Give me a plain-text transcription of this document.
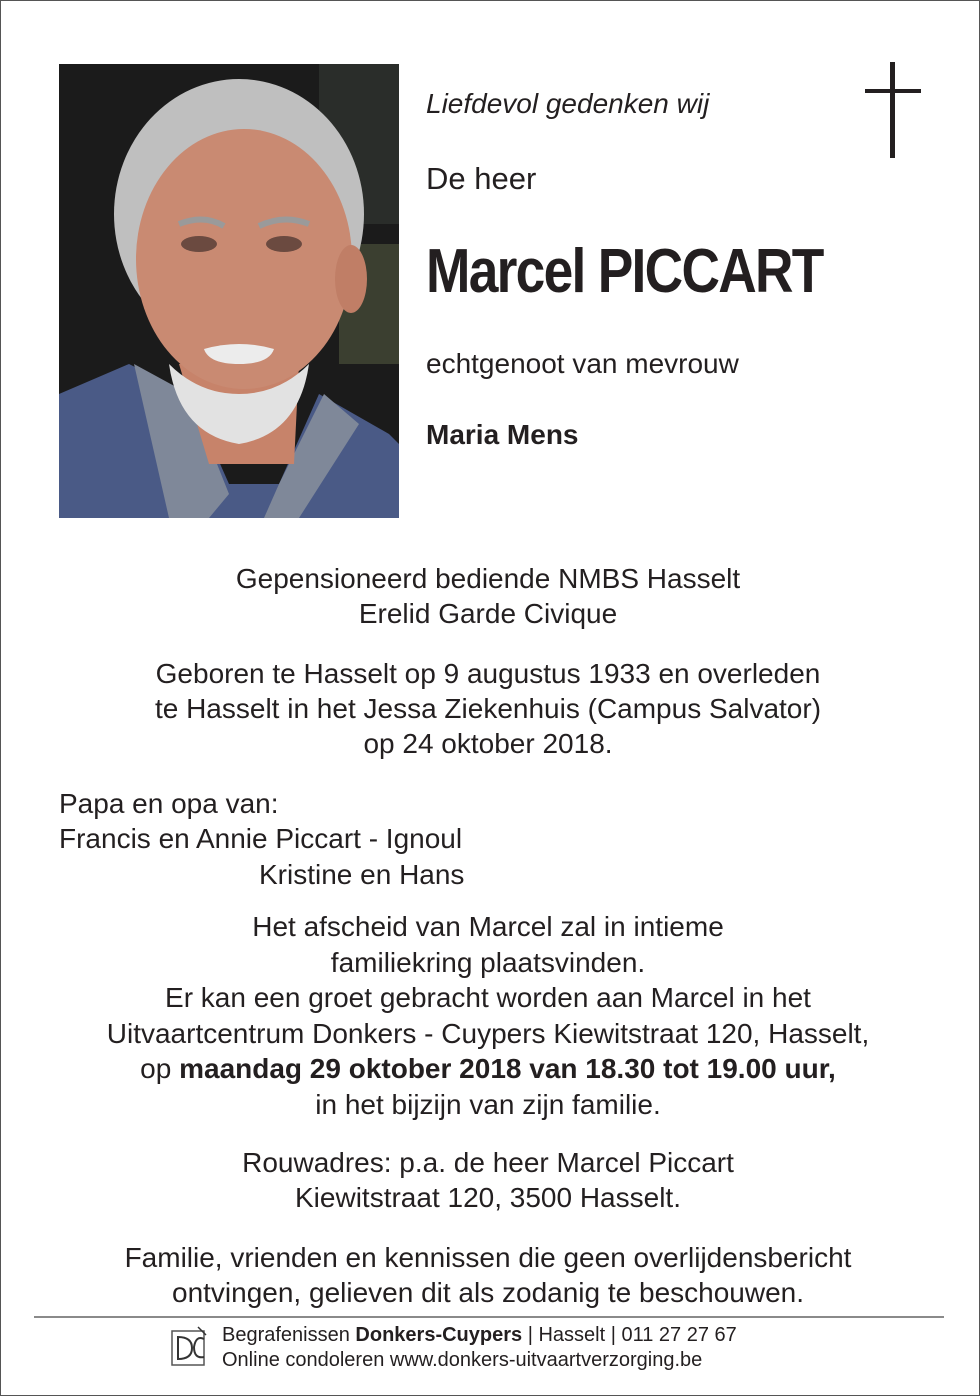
Liefdevol gedenken wij
De heer
Marcel PICCART
echtgenoot van mevrouw
Maria Mens
Gepensioneerd bediende NMBS Hasselt
Erelid Garde Civique
Geboren te Hasselt op 9 augustus 1933 en overleden
te Hasselt in het Jessa Ziekenhuis (Campus Salvator)
op 24 oktober 2018.
Papa en opa van:
Francis en Annie Piccart - Ignoul
Kristine en Hans
Het afscheid van Marcel zal in intieme
familiekring plaatsvinden.
Er kan een groet gebracht worden aan Marcel in het
Uitvaartcentrum Donkers - Cuypers Kiewitstraat 120, Hasselt,
op maandag 29 oktober 2018 van 18.30 tot 19.00 uur,
in het bijzijn van zijn familie.
Rouwadres: p.a. de heer Marcel Piccart
Kiewitstraat 120, 3500 Hasselt.
Familie, vrienden en kennissen die geen overlijdensbericht
ontvingen, gelieven dit als zodanig te beschouwen.
Begrafenissen Donkers-Cuypers | Hasselt | 011 27 27 67
Online condoleren www.donkers-uitvaartverzorging.be
